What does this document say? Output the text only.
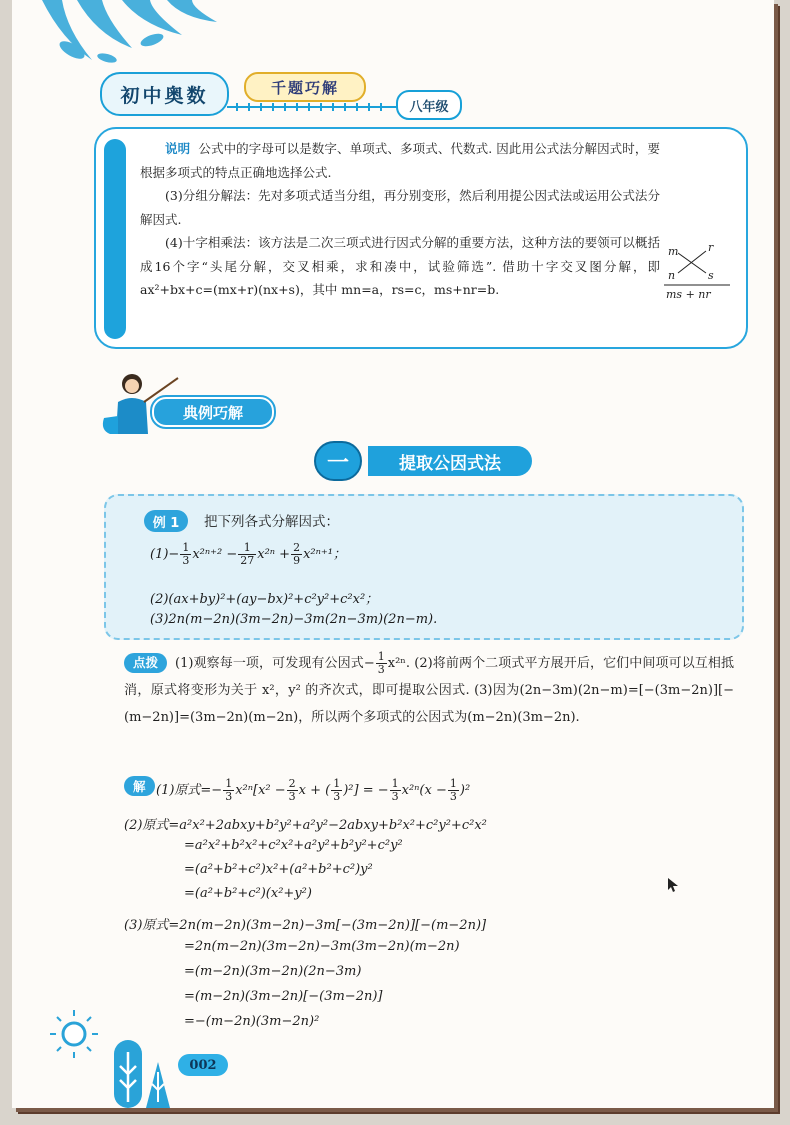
初中奥数	千题巧解
八年级

说明 公式中的字母可以是数字、单项式、多项式、代数式. 因此用公式法分解因式时，要根据多项式的特点正确地选择公式.

(3)分组分解法：先对多项式适当分组，再分别变形，然后利用提公因式法或运用公式法分解因式.

(4)十字相乘法：该方法是二次三项式进行因式分解的重要方法，这种方法的要领可以概括成16个字“头尾分解，交叉相乘，求和凑中，试验筛选”. 借助十字交叉图分解，即 ax²+bx+c=(mx+r)(nx+s)，其中 mn=a，rs=c，ms+nr=b.

m	r
n	s
ms + nr
典例巧解
一	提取公因式法
例 1	把下列各式分解因式：
$(1)- \frac{1}{3} x^{2n+2} - \frac{1}{27} x^{2n} + \frac{2}{9} x^{2n+1}$；
(2)(ax+by)²+(ay−bx)²+c²y²+c²x²；
(3)2n(m−2n)(3m−2n)−3m(2n−3m)(2n−m).
点拨 (1)观察每一项，可发现有公因式− $\frac{1}{3} x^{2n}$. (2)将前两个二项式平方展开后，它们中间项可以互相抵消，原式将变形为关于 x²，y² 的齐次式，即可提取公因式. (3)因为(2n−3m)(2n−m)=[−(3m−2n)][−(m−2n)]=(3m−2n)(m−2n)，所以两个多项式的公因式为(m−2n)(3m−2n).
解 (1)原式=− $\frac{1}{3} x^{2n}[x^2 - \frac{2}{3}$ x + ( $\frac{1}{3} )^2$] = − $\frac{1}{3} x^{2n}(x - \frac{1}{3} )^2$
(2)原式=a²x²+2abxy+b²y²+a²y²−2abxy+b²x²+c²y²+c²x²
=a²x²+b²x²+c²x²+a²y²+b²y²+c²y²
=(a²+b²+c²)x²+(a²+b²+c²)y²
=(a²+b²+c²)(x²+y²)
(3)原式=2n(m−2n)(3m−2n)−3m[−(3m−2n)][−(m−2n)]
=2n(m−2n)(3m−2n)−3m(3m−2n)(m−2n)
=(m−2n)(3m−2n)(2n−3m)
=(m−2n)(3m−2n)[−(3m−2n)]
=−(m−2n)(3m−2n)²
002
